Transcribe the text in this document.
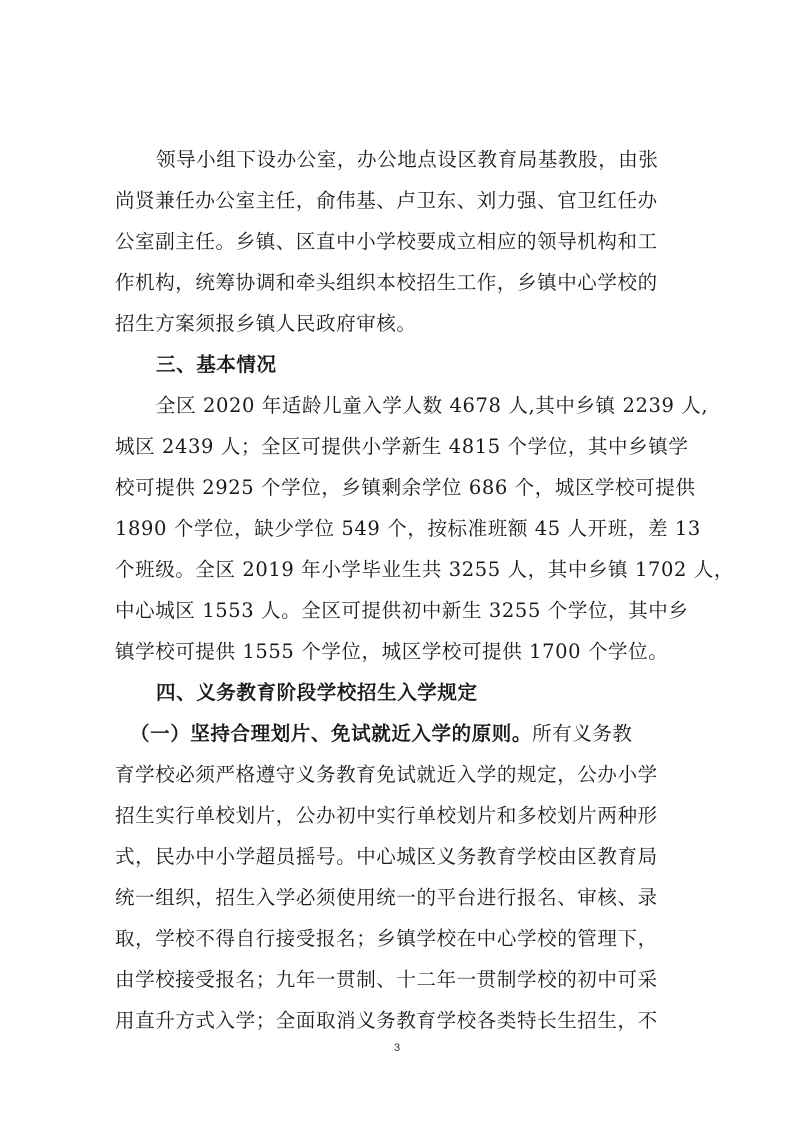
领导小组下设办公室，办公地点设区教育局基教股，由张
尚贤兼任办公室主任，俞伟基、卢卫东、刘力强、官卫红任办
公室副主任。乡镇、区直中小学校要成立相应的领导机构和工
作机构，统筹协调和牵头组织本校招生工作，乡镇中心学校的
招生方案须报乡镇人民政府审核。
三、基本情况
全区 2020 年适龄儿童入学人数 4678 人,其中乡镇 2239 人,
城区 2439 人；全区可提供小学新生 4815 个学位，其中乡镇学
校可提供 2925 个学位，乡镇剩余学位 686 个，城区学校可提供
1890 个学位，缺少学位 549 个，按标准班额 45 人开班，差 13
个班级。全区 2019 年小学毕业生共 3255 人，其中乡镇 1702 人，
中心城区 1553 人。全区可提供初中新生 3255 个学位，其中乡
镇学校可提供 1555 个学位，城区学校可提供 1700 个学位。
四、义务教育阶段学校招生入学规定
（一）坚持合理划片、免试就近入学的原则。所有义务教
育学校必须严格遵守义务教育免试就近入学的规定，公办小学
招生实行单校划片，公办初中实行单校划片和多校划片两种形
式，民办中小学超员摇号。中心城区义务教育学校由区教育局
统一组织，招生入学必须使用统一的平台进行报名、审核、录
取，学校不得自行接受报名；乡镇学校在中心学校的管理下，
由学校接受报名；九年一贯制、十二年一贯制学校的初中可采
用直升方式入学；全面取消义务教育学校各类特长生招生，不
3
